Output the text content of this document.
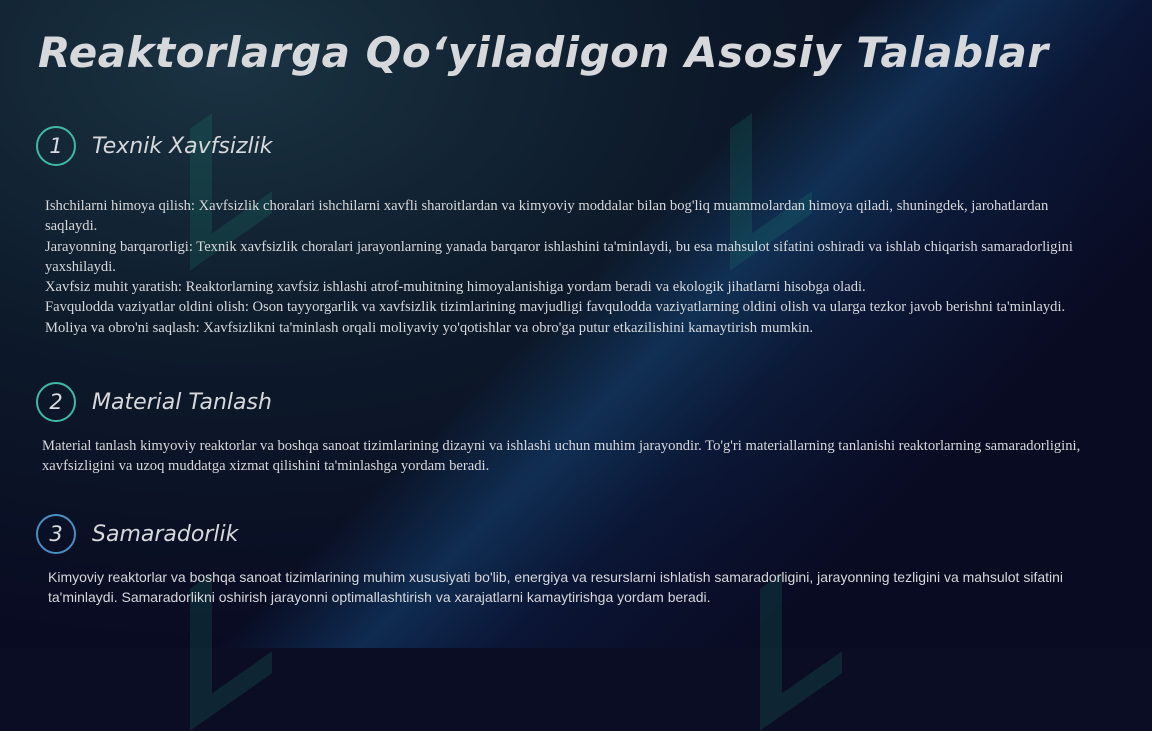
Reaktorlarga Qo‘yiladigon Asosiy Talablar
1	Texnik Xavfsizlik
Ishchilarni himoya qilish: Xavfsizlik choralari ishchilarni xavfli sharoitlardan va kimyoviy moddalar bilan bog'liq muammolardan himoya qiladi, shuningdek, jarohatlardan saqlaydi.
Jarayonning barqarorligi: Texnik xavfsizlik choralari jarayonlarning yanada barqaror ishlashini ta'minlaydi, bu esa mahsulot sifatini oshiradi va ishlab chiqarish samaradorligini yaxshilaydi.
Xavfsiz muhit yaratish: Reaktorlarning xavfsiz ishlashi atrof-muhitning himoyalanishiga yordam beradi va ekologik jihatlarni hisobga oladi.
Favqulodda vaziyatlar oldini olish: Oson tayyorgarlik va xavfsizlik tizimlarining mavjudligi favqulodda vaziyatlarning oldini olish va ularga tezkor javob berishni ta'minlaydi.
Moliya va obro'ni saqlash: Xavfsizlikni ta'minlash orqali moliyaviy yo'qotishlar va obro'ga putur etkazilishini kamaytirish mumkin.
2	Material Tanlash
Material tanlash kimyoviy reaktorlar va boshqa sanoat tizimlarining dizayni va ishlashi uchun muhim jarayondir. To'g'ri materiallarning tanlanishi reaktorlarning samaradorligini, xavfsizligini va uzoq muddatga xizmat qilishini ta'minlashga yordam beradi.
3	Samaradorlik
Kimyoviy reaktorlar va boshqa sanoat tizimlarining muhim xususiyati bo'lib, energiya va resurslarni ishlatish samaradorligini, jarayonning tezligini va mahsulot sifatini ta'minlaydi. Samaradorlikni oshirish jarayonni optimallashtirish va xarajatlarni kamaytirishga yordam beradi.
